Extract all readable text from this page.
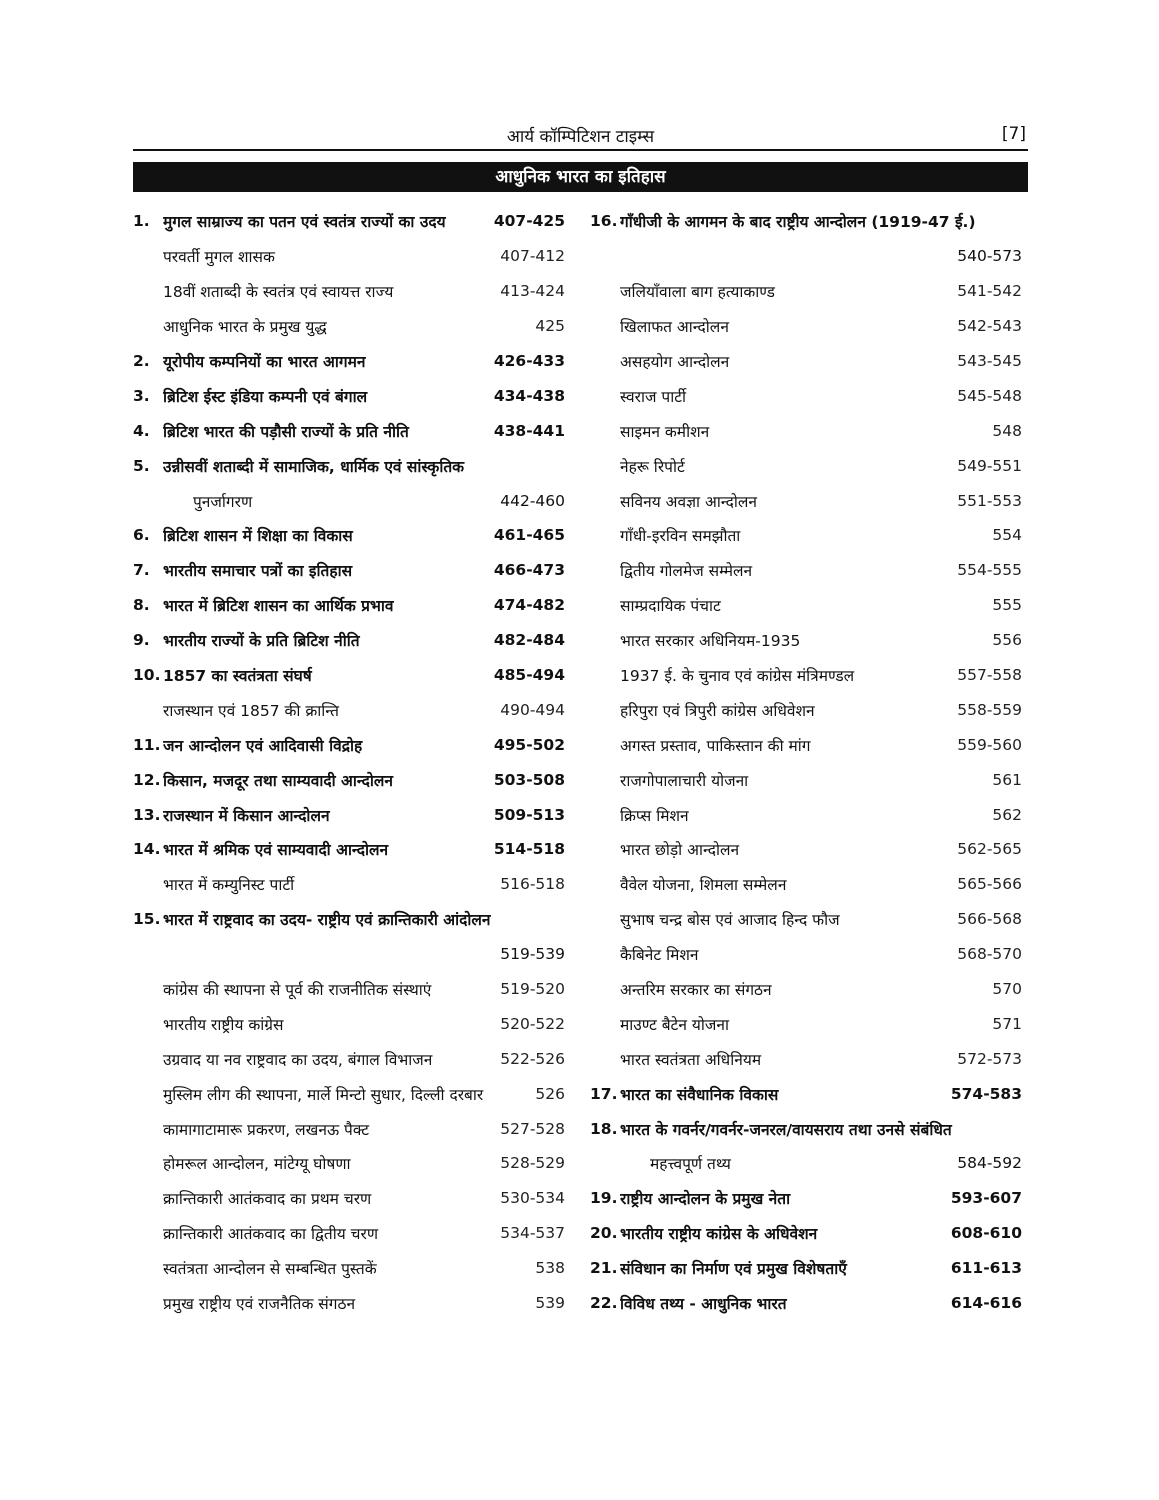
आर्य कॉम्पिटिशन टाइम्स	[7]
आधुनिक भारत का इतिहास
1. मुगल साम्राज्य का पतन एवं स्वतंत्र राज्यों का उदय	407-425
परवर्ती मुगल शासक	407-412
18वीं शताब्दी के स्वतंत्र एवं स्वायत्त राज्य	413-424
आधुनिक भारत के प्रमुख युद्ध	425
2. यूरोपीय कम्पनियों का भारत आगमन	426-433
3. ब्रिटिश ईस्ट इंडिया कम्पनी एवं बंगाल	434-438
4. ब्रिटिश भारत की पड़ौसी राज्यों के प्रति नीति	438-441
5. उन्नीसवीं शताब्दी में सामाजिक, धार्मिक एवं सांस्कृतिक
पुनर्जागरण	442-460
6. ब्रिटिश शासन में शिक्षा का विकास	461-465
7. भारतीय समाचार पत्रों का इतिहास	466-473
8. भारत में ब्रिटिश शासन का आर्थिक प्रभाव	474-482
9. भारतीय राज्यों के प्रति ब्रिटिश नीति	482-484
10. 1857 का स्वतंत्रता संघर्ष	485-494
राजस्थान एवं 1857 की क्रान्ति	490-494
11. जन आन्दोलन एवं आदिवासी विद्रोह	495-502
12. किसान, मजदूर तथा साम्यवादी आन्दोलन	503-508
13. राजस्थान में किसान आन्दोलन	509-513
14. भारत में श्रमिक एवं साम्यवादी आन्दोलन	514-518
भारत में कम्युनिस्ट पार्टी	516-518
15. भारत में राष्ट्रवाद का उदय- राष्ट्रीय एवं क्रान्तिकारी आंदोलन
519-539
कांग्रेस की स्थापना से पूर्व की राजनीतिक संस्थाएं	519-520
भारतीय राष्ट्रीय कांग्रेस	520-522
उग्रवाद या नव राष्ट्रवाद का उदय, बंगाल विभाजन	522-526
मुस्लिम लीग की स्थापना, मार्ले मिन्टो सुधार, दिल्ली दरबार	526
कामागाटामारू प्रकरण, लखनऊ पैक्ट	527-528
होमरूल आन्दोलन, मांटेग्यू घोषणा	528-529
क्रान्तिकारी आतंकवाद का प्रथम चरण	530-534
क्रान्तिकारी आतंकवाद का द्वितीय चरण	534-537
स्वतंत्रता आन्दोलन से सम्बन्धित पुस्तकें	538
प्रमुख राष्ट्रीय एवं राजनैतिक संगठन	539
16. गाँधीजी के आगमन के बाद राष्ट्रीय आन्दोलन (1919-47 ई.)
540-573
जलियाँवाला बाग हत्याकाण्ड	541-542
खिलाफत आन्दोलन	542-543
असहयोग आन्दोलन	543-545
स्वराज पार्टी	545-548
साइमन कमीशन	548
नेहरू रिपोर्ट	549-551
सविनय अवज्ञा आन्दोलन	551-553
गाँधी-इरविन समझौता	554
द्वितीय गोलमेज सम्मेलन	554-555
साम्प्रदायिक पंचाट	555
भारत सरकार अधिनियम-1935	556
1937 ई. के चुनाव एवं कांग्रेस मंत्रिमण्डल	557-558
हरिपुरा एवं त्रिपुरी कांग्रेस अधिवेशन	558-559
अगस्त प्रस्ताव, पाकिस्तान की मांग	559-560
राजगोपालाचारी योजना	561
क्रिप्स मिशन	562
भारत छोड़ो आन्दोलन	562-565
वैवेल योजना, शिमला सम्मेलन	565-566
सुभाष चन्द्र बोस एवं आजाद हिन्द फौज	566-568
कैबिनेट मिशन	568-570
अन्तरिम सरकार का संगठन	570
माउण्ट बैटेन योजना	571
भारत स्वतंत्रता अधिनियम	572-573
17. भारत का संवैधानिक विकास	574-583
18. भारत के गवर्नर/गवर्नर-जनरल/वायसराय तथा उनसे संबंधित
महत्त्वपूर्ण तथ्य	584-592
19. राष्ट्रीय आन्दोलन के प्रमुख नेता	593-607
20. भारतीय राष्ट्रीय कांग्रेस के अधिवेशन	608-610
21. संविधान का निर्माण एवं प्रमुख विशेषताएँ	611-613
22. विविध तथ्य - आधुनिक भारत	614-616
